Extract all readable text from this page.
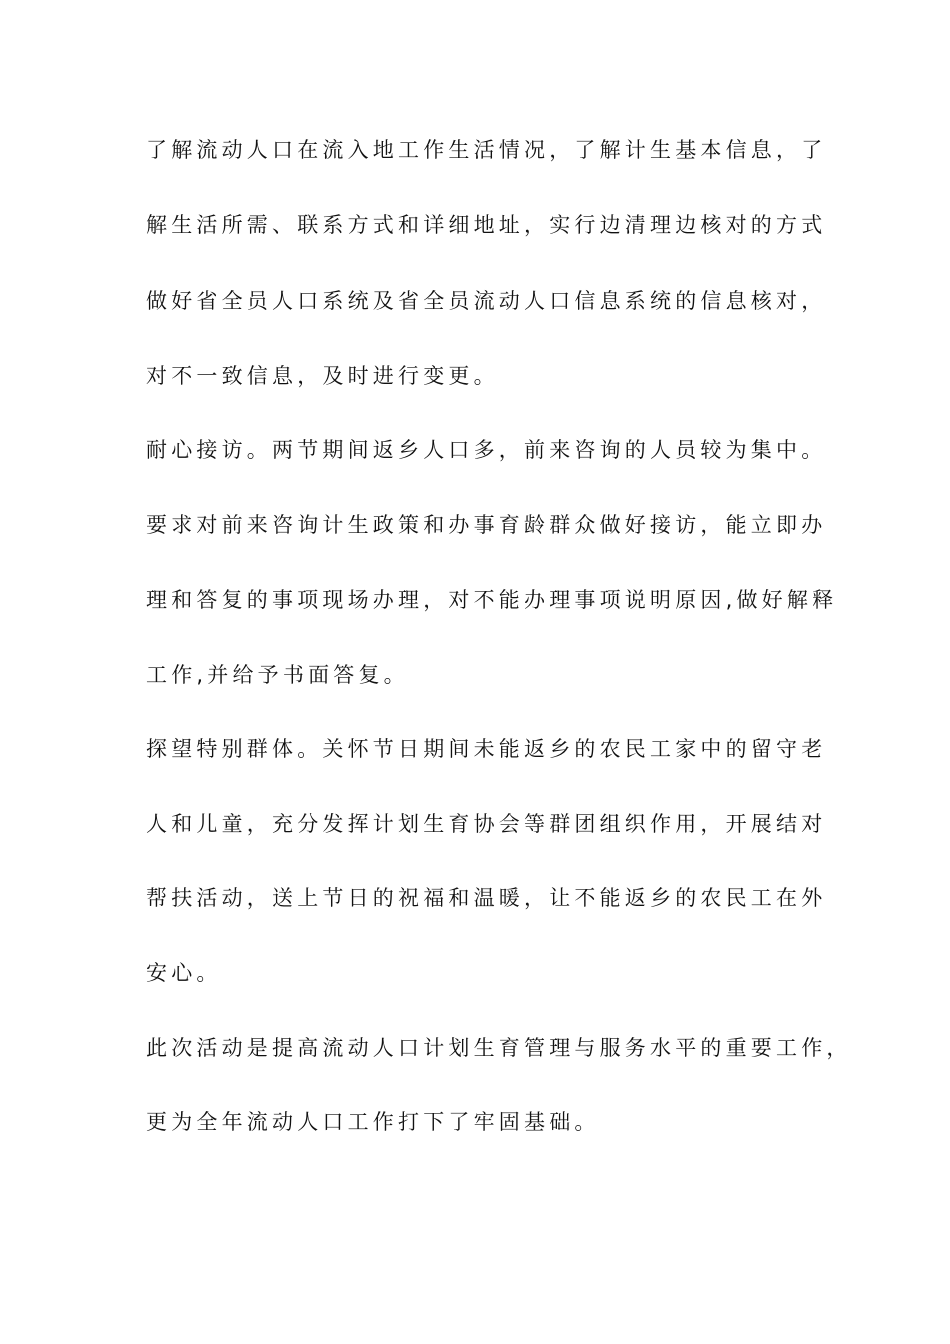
了解流动人口在流入地工作生活情况，了解计生基本信息，了
解生活所需、联系方式和详细地址，实行边清理边核对的方式
做好省全员人口系统及省全员流动人口信息系统的信息核对，
对不一致信息，及时进行变更。
耐心接访。两节期间返乡人口多，前来咨询的人员较为集中。
要求对前来咨询计生政策和办事育龄群众做好接访，能立即办
理和答复的事项现场办理，对不能办理事项说明原因,做好解释
工作,并给予书面答复。
探望特别群体。关怀节日期间未能返乡的农民工家中的留守老
人和儿童，充分发挥计划生育协会等群团组织作用，开展结对
帮扶活动，送上节日的祝福和温暖，让不能返乡的农民工在外
安心。
此次活动是提高流动人口计划生育管理与服务水平的重要工作，
更为全年流动人口工作打下了牢固基础。
